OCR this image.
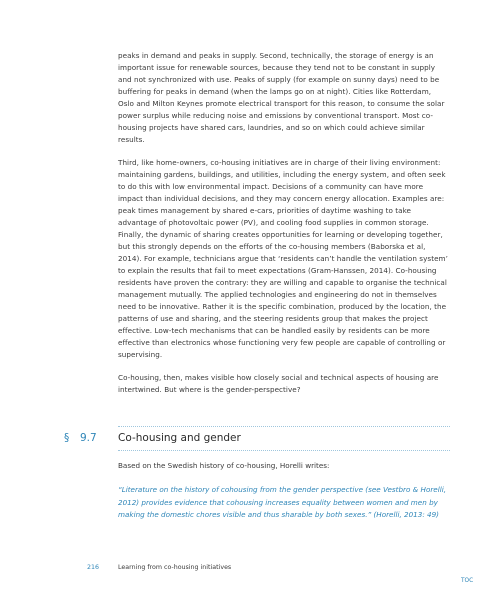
peaks in demand and peaks in supply. Second, technically, the storage of energy is an important issue for renewable sources, because they tend not to be constant in supply and not synchronized with use. Peaks of supply (for example on sunny days) need to be buffering for peaks in demand (when the lamps go on at night). Cities like Rotterdam, Oslo and Milton Keynes promote electrical transport for this reason, to consume the solar power surplus while reducing noise and emissions by conventional transport. Most co-housing projects have shared cars, laundries, and so on which could achieve similar results.

Third, like home-owners, co-housing initiatives are in charge of their living environment: maintaining gardens, buildings, and utilities, including the energy system, and often seek to do this with low environmental impact. Decisions of a community can have more impact than individual decisions, and they may concern energy allocation. Examples are: peak times management by shared e-cars, priorities of daytime washing to take advantage of photovoltaic power (PV), and cooling food supplies in common storage. Finally, the dynamic of sharing creates opportunities for learning or developing together, but this strongly depends on the efforts of the co-housing members (Baborska et al, 2014). For example, technicians argue that ‘residents can’t handle the ventilation system’ to explain the results that fail to meet expectations (Gram-Hanssen, 2014). Co-housing residents have proven the contrary: they are willing and capable to organise the technical management mutually. The applied technologies and engineering do not in themselves need to be innovative. Rather it is the specific combination, produced by the location, the patterns of use and sharing, and the steering residents group that makes the project effective. Low-tech mechanisms that can be handled easily by residents can be more effective than electronics whose functioning very few people are capable of controlling or supervising.

Co-housing, then, makes visible how closely social and technical aspects of housing are intertwined. But where is the gender-perspective?

§ 9.7 Co-housing and gender

Based on the Swedish history of co-housing, Horelli writes:

“Literature on the history of cohousing from the gender perspective (see Vestbro & Horelli, 2012) provides evidence that cohousing increases equality between women and men by making the domestic chores visible and thus sharable by both sexes.” (Horelli, 2013: 49)

216	Learning from co-housing initiatives
TOC
